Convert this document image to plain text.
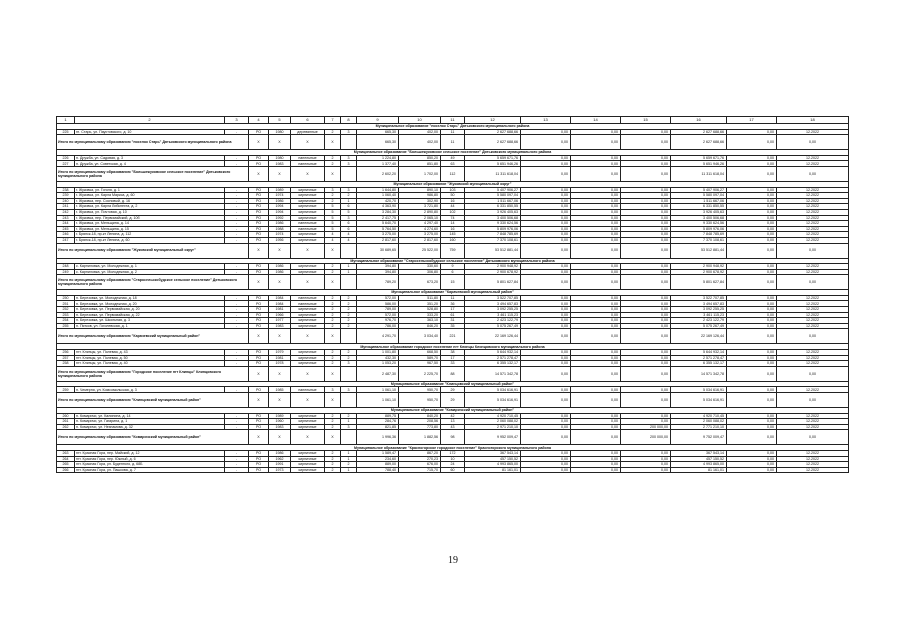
1	2	3	4	5	6	7	8	9	10	11	12	13	14	15	16	17	18
Муниципальное образование "поселок Старь" Дятьковского муниципального района																	
225	гп. Старь, ул. Паустовского, д. 10	-	РО	1980	деревянные	2	3	665,30	402,00	11	2 627 688,66	0,00	0,00	0,00	2 627 688,66	0,00	12.2022
Итого по муниципальному образованию "поселок Старь" Дятьковского муниципального района			X	X	X	X		665,30	402,00	11	2 627 688,66	0,00	0,00	0,00	2 627 688,66	0,00	0,00
Муниципальное образование "Большежуковское сельское поселение" Дятьковского муниципального района																	
226	п. Дружба, ул. Садовая, д. 3	-	РО	1980	панельные	2	3	1 224,80	850,20	49	5 659 671,76	0,00	0,00	0,00	5 659 671,76	0,00	12.2022
227	п. Дружба, ул. Советская, д. 4	-	РО	1983	панельные	2	3	1 377,40	851,80	63	5 651 946,26	0,00	0,00	0,00	5 651 946,26	0,00	12.2022
Итого по муниципальному образованию "Большежуковское сельское поселение" Дятьковского муниципального района			X	X	X	X		2 602,20	1 702,00	112	11 311 618,04	0,00	0,00	0,00	11 311 618,04	0,00	0,00
Муниципальное образование "Жуковский муниципальный округ"																	
238	г. Жуковка, ул. Гоголя, д. 1	-	РО	1989	кирпичные	3	3	1 644,80	890,10	103	5 407 906,27	0,00	0,00	0,00	5 407 906,27	0,00	12.2022
239	г. Жуковка, ул. Карла Маркса, д. 60	-	РО	1974	кирпичные	2	2	1 060,40	986,80	50	5 580 097,04	0,00	0,00	0,00	5 580 097,04	0,00	12.2022
240	г. Жуковка, пер. Сосновый, д. 16	-	РО	1986	кирпичные	2	1	420,70	302,90	16	1 511 667,06	0,00	0,00	0,00	1 511 667,06	0,00	12.2022
241	г. Жуковка, ул. Карла Либкнехта, д. 2	-	РО	1994	кирпичные	5	6	4 363,90	3 721,80	44	6 331 850,55	0,00	0,00	0,00	6 331 850,55	0,00	12.2022
242	г. Жуковка, ул. Почтовая, д. 10	-	РО	1994	кирпичные	5	5	3 284,30	2 890,80	102	3 926 405,63	0,00	0,00	0,00	3 926 405,63	0,00	12.2022
243	г. Жуковка, пер. Первомайский, д. 10б	-	РО	1992	кирпичные	5	3	2 417,75	2 065,10	74	3 400 506,68	0,00	0,00	0,00	3 400 506,68	0,00	12.2022
244	г. Жуковка, ул. Мельщина, д. 14	-	РО	1986	панельные	5	6	5 640,70	4 297,40	14	9 330 624,56	0,00	0,00	0,00	9 330 624,56	0,00	12.2022
245	г. Жуковка, ул. Мельщина, д. 15	-	РО	1988	панельные	5	6	5 764,50	4 274,60	16	5 809 976,06	0,00	0,00	0,00	5 809 976,06	0,00	12.2022
246	г. Брянск-18, пр-кт Ленина, д. 112	-	РО	1974	кирпичные	4	4	3 275,00	3 275,00	145	7 848 785,69	0,00	0,00	0,00	7 848 785,69	0,00	12.2022
247	г. Брянск-18, пр-кт Ленина, д. 60	-	РО	1956	кирпичные	4	4	2 817,60	2 817,60	160	7 370 108,61	0,00	0,00	0,00	7 370 108,61	0,00	12.2022
Итого по муниципальному образованию "Жуковский муниципальный округ"			X	X	X	X		30 689,65	25 522,00	759	53 512 881,44	0,00	0,00	0,00	53 512 881,44	0,00	0,00
Муниципальное образование "Старосельскобудское сельское поселение" Дятьковского муниципального района																	
248	с. Карпиловка, ул. Молодежная, д. 1	-	РО	1986	кирпичные	2	1	394,80	330,60	9	2 900 948,92	0,00	0,00	0,00	2 900 948,92	0,00	12.2022
249	с. Карпиловка, ул. Молодежная, д. 2	-	РО	1986	кирпичные	2	1	394,80	306,80	6	2 900 678,92	0,00	0,00	0,00	2 900 678,92	0,00	12.2022
Итого по муниципальному образованию "Старосельскобудское сельское поселение" Дятьковского муниципального района			X	X	X	X		789,20	673,20	15	5 801 627,84	0,00	0,00	0,00	5 801 627,84	0,00	0,00
Муниципальное образование "Карачевский муниципальный район"																	
250	п. Березовка, ул. Молодежная, д. 18	-	РО	1984	панельные	2	2	572,00	511,80	11	3 522 707,85	0,00	0,00	0,00	3 522 707,85	0,00	12.2022
251	п. Березовка, ул. Молодежная, д. 20	-	РО	1984	панельные	2	2	586,00	351,20	36	3 494 657,83	0,00	0,00	0,00	3 494 657,83	0,00	12.2022
252	п. Березовка, ул. Первомайская, д. 20	-	РО	1981	кирпичные	2	2	789,00	528,80	17	3 092 255,25	0,00	0,00	0,00	3 092 255,25	0,00	12.2022
253	п. Березовка, ул. Первомайская, д. 22	-	РО	1966	кирпичные	2	2	572,00	333,20	61	3 461 115,23	0,00	0,00	0,00	3 461 115,23	0,00	12.2022
254	п. Березовка, ул. Школьная, д. 3	-	РО	1977	кирпичные	2	2	976,70	363,10	31	2 423 122,79	0,00	0,00	0,00	2 423 122,79	0,00	12.2022
255	п. Пятков, ул. Гоголевская, д. 1	-	РО	1983	кирпичные	2	2	786,00	846,20	35	5 075 267,49	0,00	0,00	0,00	5 075 267,49	0,00	12.2022
Итого по муниципальному образованию "Карачевский муниципальный район"			X	X	X	X		4 291,70	3 034,40	221	22 169 126,44	0,00	0,00	0,00	22 169 126,44	0,00	0,00
Муниципальное образование городское поселение пгт Клинцы Клинцовского муниципального района																	
256	пгт. Клинцы, ул. Полевая, д. 43	-	РО	1979	кирпичные	2	2	1 001,80	668,50	38	5 644 932,14	0,00	0,00	0,00	5 644 932,14	0,00	12.2022
257	пгт. Клинцы, ул. Полевая, д. 50	-	РО	1981	кирпичные	2	2	432,30	589,70	17	2 571 278,47	0,00	0,00	0,00	2 571 278,47	0,00	12.2022
258	пгт. Клинцы, ул. Полевая, д. 40	-	РО	1978	кирпичные	2	3	1 053,20	967,50	33	6 355 132,17	0,00	0,00	0,00	6 355 132,17	0,00	12.2022
Итого по муниципальному образованию "Городское поселение пгт Клинцы" Клинцовского муниципального района			X	X	X	X		2 487,30	2 225,70	88	14 571 342,78	0,00	0,00	0,00	14 571 342,78	0,00	0,00
Муниципальное образование "Клинцовский муниципальный район"																	
259	п. Чемерня, ул. Комсомольская, д. 3	-	РО	1985	панельные	3	3	1 061,10	950,70	29	5 034 616,91	0,00	0,00	0,00	5 034 616,91	0,00	12.2022
Итого по муниципальному образованию "Клинцовский муниципальный район"			X	X	X	X		1 061,10	950,70	29	5 034 616,91	0,00	0,00	0,00	5 034 616,91	0,00	0,00
Муниципальное образование "Комаричский муниципальный район"																	
260	п. Комаричи, ул. Калинина, д. 14	-	РО	1989	кирпичные	2	2	889,75	840,20	42	4 920 710,45	0,00	0,00	0,00	4 920 710,45	0,00	12.2022
261	п. Комаричи, ул. Гагарина, д. 1	-	РО	1960	кирпичные	2	1	284,76	208,56	13	2 060 088,02	0,00	0,00	0,00	2 060 088,02	0,00	12.2022
262	п. Комаричи, ул. Незнамова, д. 32	-	РО	1983	кирпичные	2	3	821,85	773,80	43	2 971 210,10	0,00	0,00	200 000,00	2 771 210,10	0,00	12.2022
Итого по муниципальному образованию "Комаричский муниципальный район"			X	X	X	X		1 996,36	1 882,56	98	9 952 009,47	0,00	0,00	200 000,00	9 752 009,47	0,00	0,00
Муниципальное образование "Красногорское городское поселение" Красногорского муниципального района																	
263	пгт. Красная Гора, пер. Майский, д. 12	-	РО	1986	кирпичные	2	1	1 589,47	867,20	172	367 543,14	0,00	0,00	0,00	367 543,14	0,00	12.2022
264	пгт. Красная Гора, пер. Южный, д. 6	-	РО	1962	кирпичные	2	1	234,60	270,23	10	457 150,52	0,00	0,00	0,00	457 150,52	0,00	12.2022
265	пгт. Красная Гора, ул. Буденного, д. 68Б	-	РО	1991	кирпичные	2	2	889,00	676,00	24	4 993 865,00	0,00	0,00	0,00	4 993 865,00	0,00	12.2022
266	пгт. Красная Гора, ул. Пашкова, д. 7	-	РО	1973	кирпичные	2	1	788,40	715,70	60	81 161,01	0,00	0,00	0,00	81 161,01	0,00	12.2022
19
